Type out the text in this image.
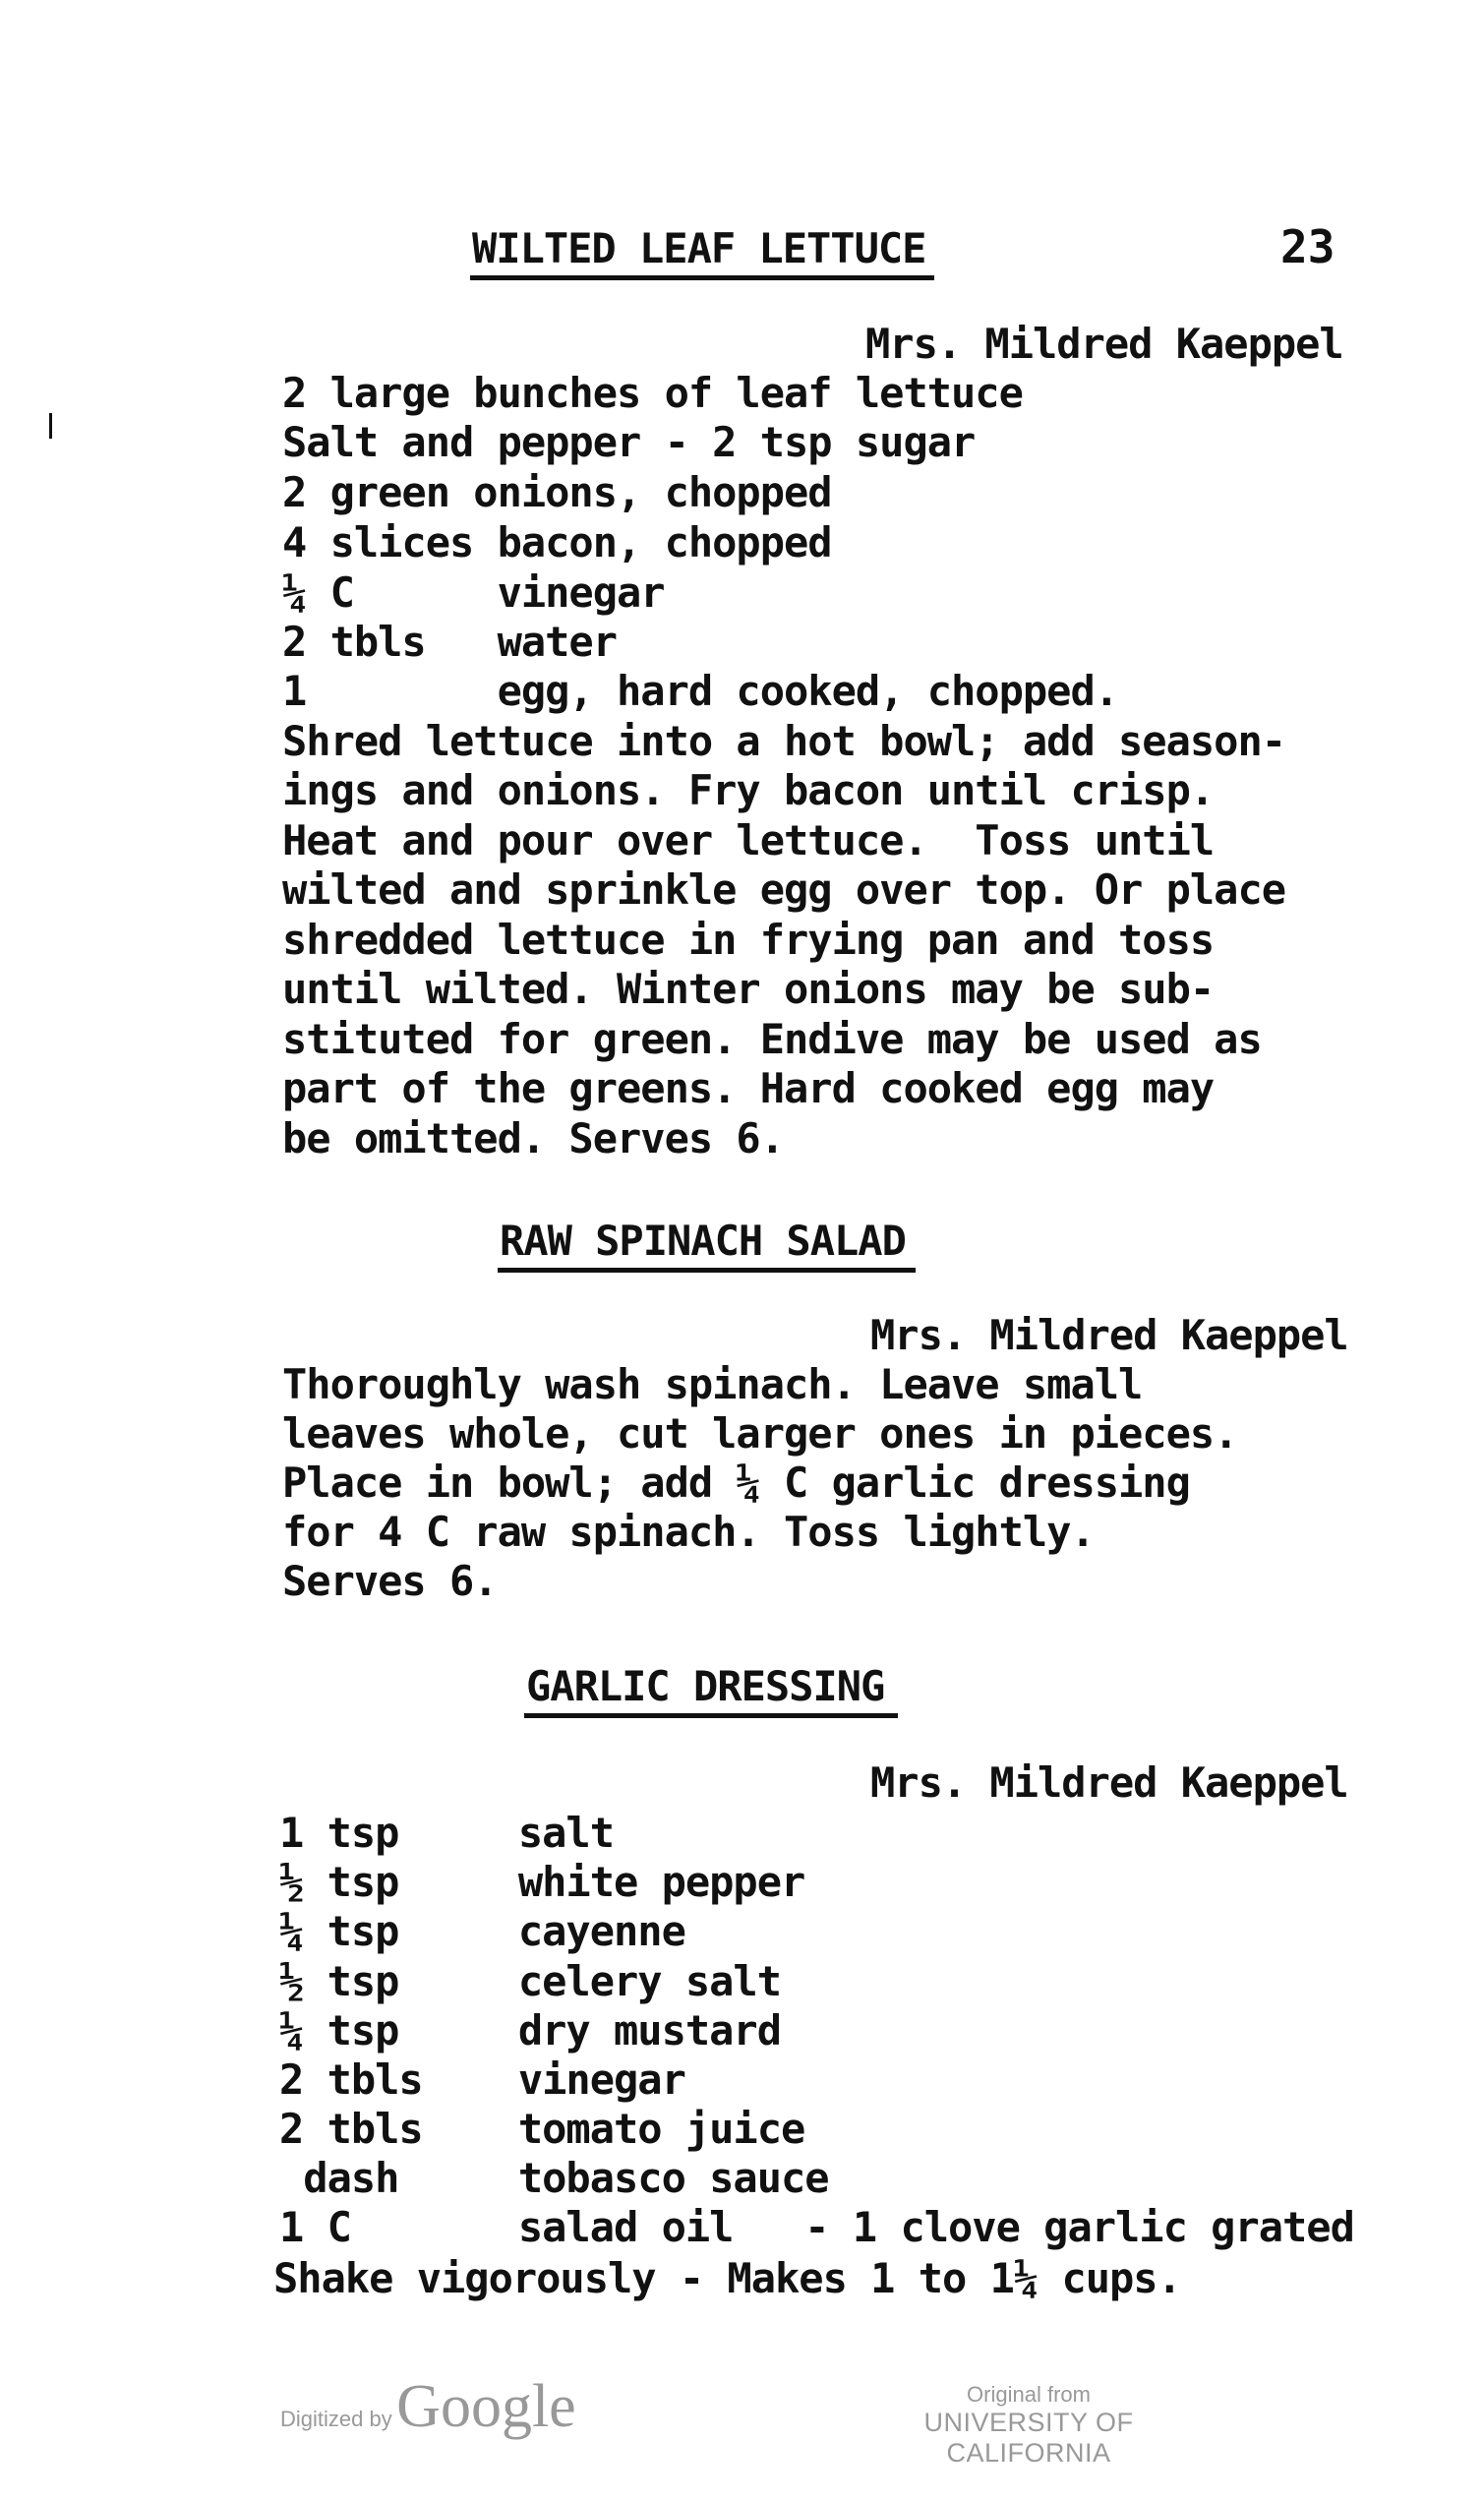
WILTED LEAF LETTUCE	23
Mrs. Mildred Kaeppel
2 large bunches of leaf lettuce
Salt and pepper - 2 tsp sugar
2 green onions, chopped
4 slices bacon, chopped
¼ C      vinegar
2 tbls   water
1        egg, hard cooked, chopped.
Shred lettuce into a hot bowl; add season-
ings and onions. Fry bacon until crisp.
Heat and pour over lettuce.  Toss until
wilted and sprinkle egg over top. Or place
shredded lettuce in frying pan and toss
until wilted. Winter onions may be sub-
stituted for green. Endive may be used as
part of the greens. Hard cooked egg may
be omitted. Serves 6.
RAW SPINACH SALAD
Mrs. Mildred Kaeppel
Thoroughly wash spinach. Leave small
leaves whole, cut larger ones in pieces.
Place in bowl; add ¼ C garlic dressing
for 4 C raw spinach. Toss lightly.
Serves 6.
GARLIC DRESSING
Mrs. Mildred Kaeppel
1 tsp     salt
½ tsp     white pepper
¼ tsp     cayenne
½ tsp     celery salt
¼ tsp     dry mustard
2 tbls    vinegar
2 tbls    tomato juice
dash     tobasco sauce
1 C       salad oil   - 1 clove garlic grated
Shake vigorously - Makes 1 to 1¼ cups.
Digitized by Google	Original from
UNIVERSITY OF CALIFORNIA
